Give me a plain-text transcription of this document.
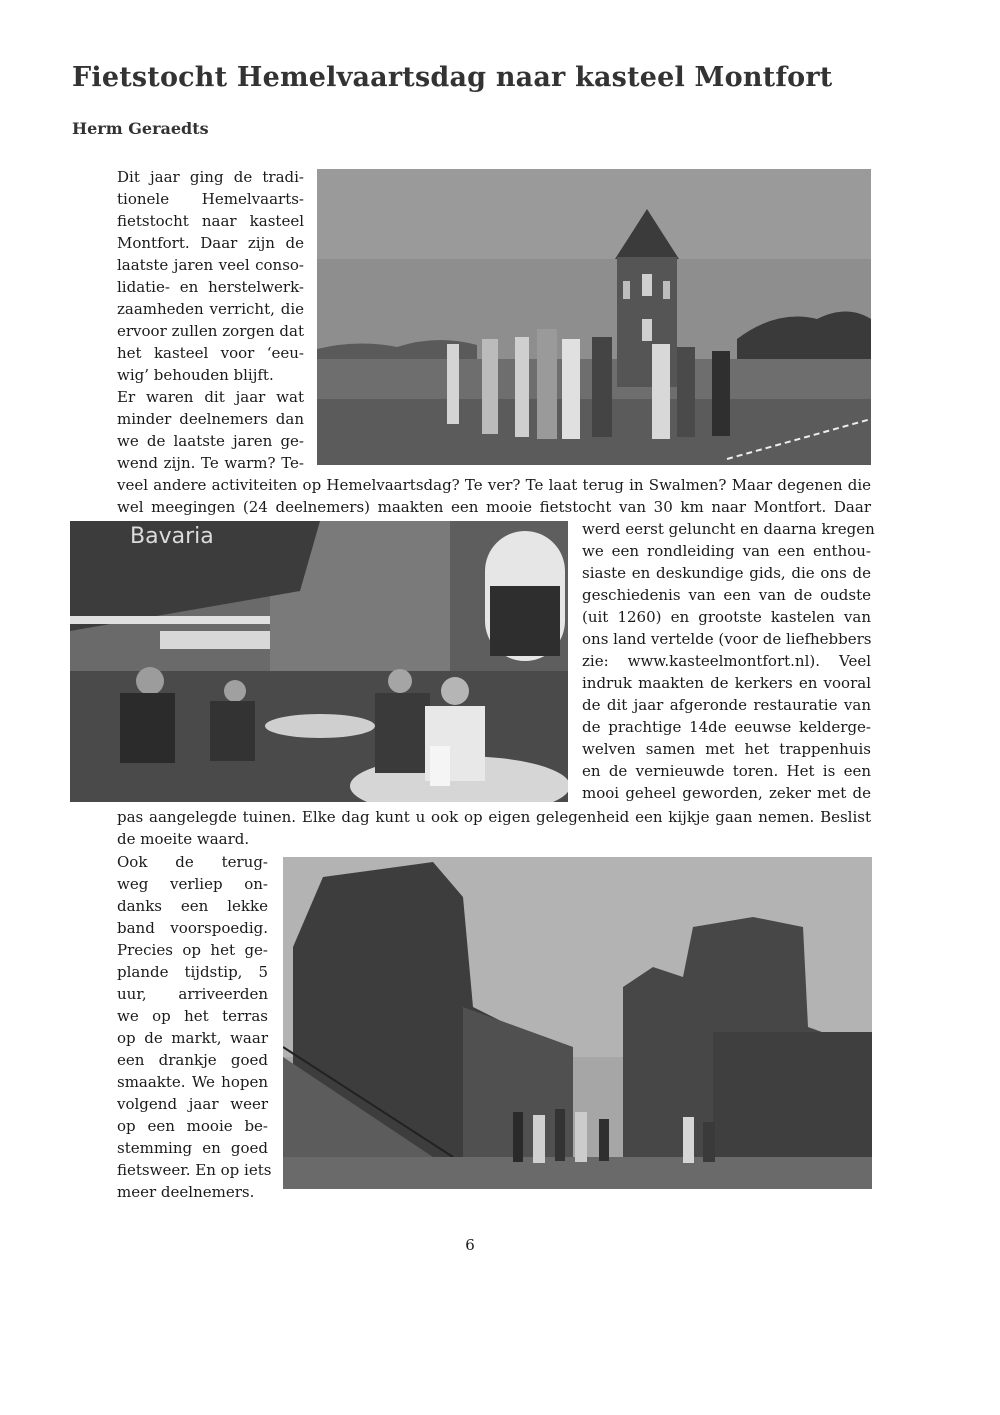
Fietstocht Hemelvaartsdag naar kasteel Montfort
Herm Geraedts
Bavaria
Dit jaar ging de tradi-
tionele Hemelvaarts-
fietstocht naar kasteel
Montfort. Daar zijn de
laatste jaren veel conso-
lidatie- en herstelwerk-
zaamheden verricht, die
ervoor zullen zorgen dat
het kasteel voor ‘eeu-
wig’ behouden blijft.
Er waren dit jaar wat
minder deelnemers dan
we de laatste jaren ge-
wend zijn. Te warm? Te-
veel andere activiteiten op Hemelvaartsdag? Te ver? Te laat terug in Swalmen? Maar degenen die
wel meegingen (24 deelnemers) maakten een mooie fietstocht van 30 km naar Montfort. Daar
werd eerst geluncht en daarna kregen
we een rondleiding van een enthou-
siaste en deskundige gids, die ons de
geschiedenis van een van de oudste
(uit 1260) en grootste kastelen van
ons land vertelde (voor de liefhebbers
zie: www.kasteelmontfort.nl). Veel
indruk maakten de kerkers en vooral
de dit jaar afgeronde restauratie van
de prachtige 14de eeuwse kelderge-
welven samen met het trappenhuis
en de vernieuwde toren. Het is een
mooi geheel geworden, zeker met de
pas aangelegde tuinen. Elke dag kunt u ook op eigen gelegenheid een kijkje gaan nemen. Beslist
de moeite waard.
Ook de terug-
weg verliep on-
danks een lekke
band voorspoedig.
Precies op het ge-
plande tijdstip, 5
uur, arriveerden
we op het terras
op de markt, waar
een drankje goed
smaakte. We hopen
volgend jaar weer
op een mooie be-
stemming en goed
fietsweer. En op iets
meer deelnemers.
6
